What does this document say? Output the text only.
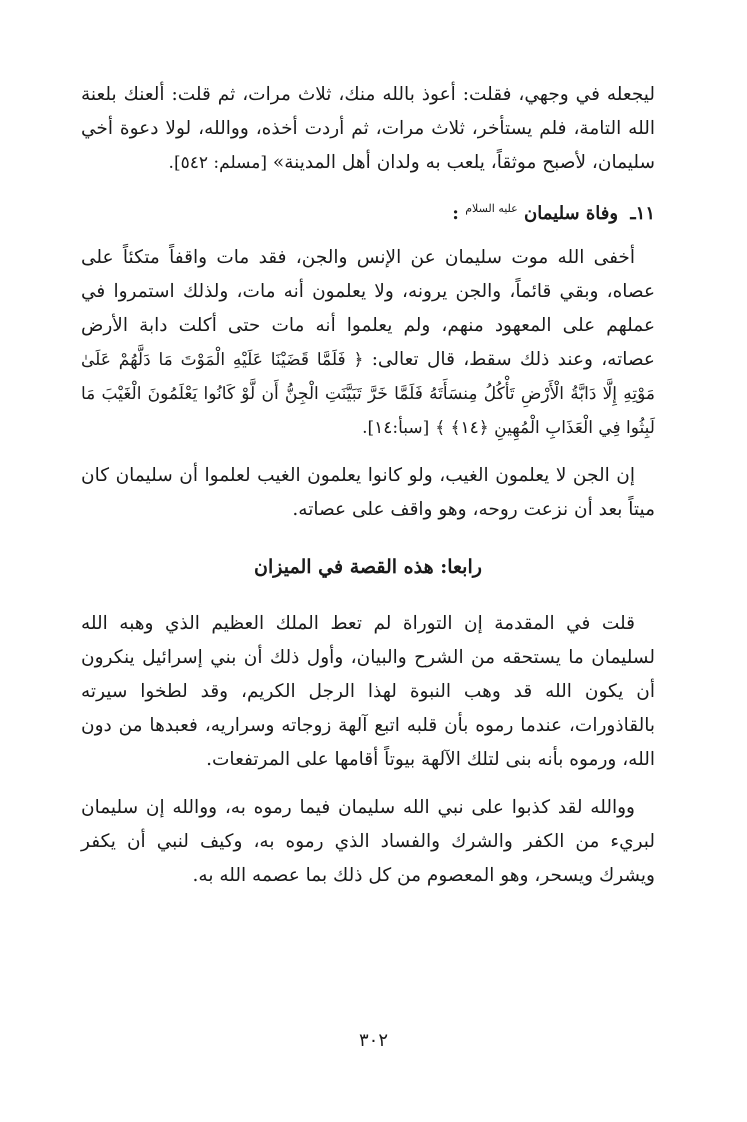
ليجعله في وجهي، فقلت: أعوذ بالله منك، ثلاث مرات، ثم قلت: ألعنك بلعنة الله التامة، فلم يستأخر، ثلاث مرات، ثم أردت أخذه، ووالله، لولا دعوة أخي سليمان، لأصبح موثقاً، يلعب به ولدان أهل المدينة» [مسلم: ٥٤٢].

١١ـ وفاة سليمان $^{عليه السلام}$ :

أخفى الله موت سليمان عن الإنس والجن، فقد مات واقفاً متكئاً على عصاه، وبقي قائماً، والجن يرونه، ولا يعلمون أنه مات، ولذلك استمروا في عملهم على المعهود منهم، ولم يعلموا أنه مات حتى أكلت دابة الأرض عصاته، وعند ذلك سقط، قال تعالى: ﴿ فَلَمَّا قَضَيْنَا عَلَيْهِ الْمَوْتَ مَا دَلَّهُمْ عَلَىٰ مَوْتِهِ إِلَّا دَابَّةُ الْأَرْضِ تَأْكُلُ مِنسَأَتَهُ فَلَمَّا خَرَّ تَبَيَّنَتِ الْجِنُّ أَن لَّوْ كَانُوا يَعْلَمُونَ الْغَيْبَ مَا لَبِثُوا فِي الْعَذَابِ الْمُهِينِ ﴿١٤﴾ ﴾ [سبأ:١٤].

إن الجن لا يعلمون الغيب، ولو كانوا يعلمون الغيب لعلموا أن سليمان كان ميتاً بعد أن نزعت روحه، وهو واقف على عصاته.

رابعا: هذه القصة في الميزان

قلت في المقدمة إن التوراة لم تعط الملك العظيم الذي وهبه الله لسليمان ما يستحقه من الشرح والبيان، وأول ذلك أن بني إسرائيل ينكرون أن يكون الله قد وهب النبوة لهذا الرجل الكريم، وقد لطخوا سيرته بالقاذورات، عندما رموه بأن قلبه اتبع آلهة زوجاته وسراريه، فعبدها من دون الله، ورموه بأنه بنى لتلك الآلهة بيوتاً أقامها على المرتفعات.

ووالله لقد كذبوا على نبي الله سليمان فيما رموه به، ووالله إن سليمان لبريء من الكفر والشرك والفساد الذي رموه به، وكيف لنبي أن يكفر ويشرك ويسحر، وهو المعصوم من كل ذلك بما عصمه الله به.

٣٠٢
